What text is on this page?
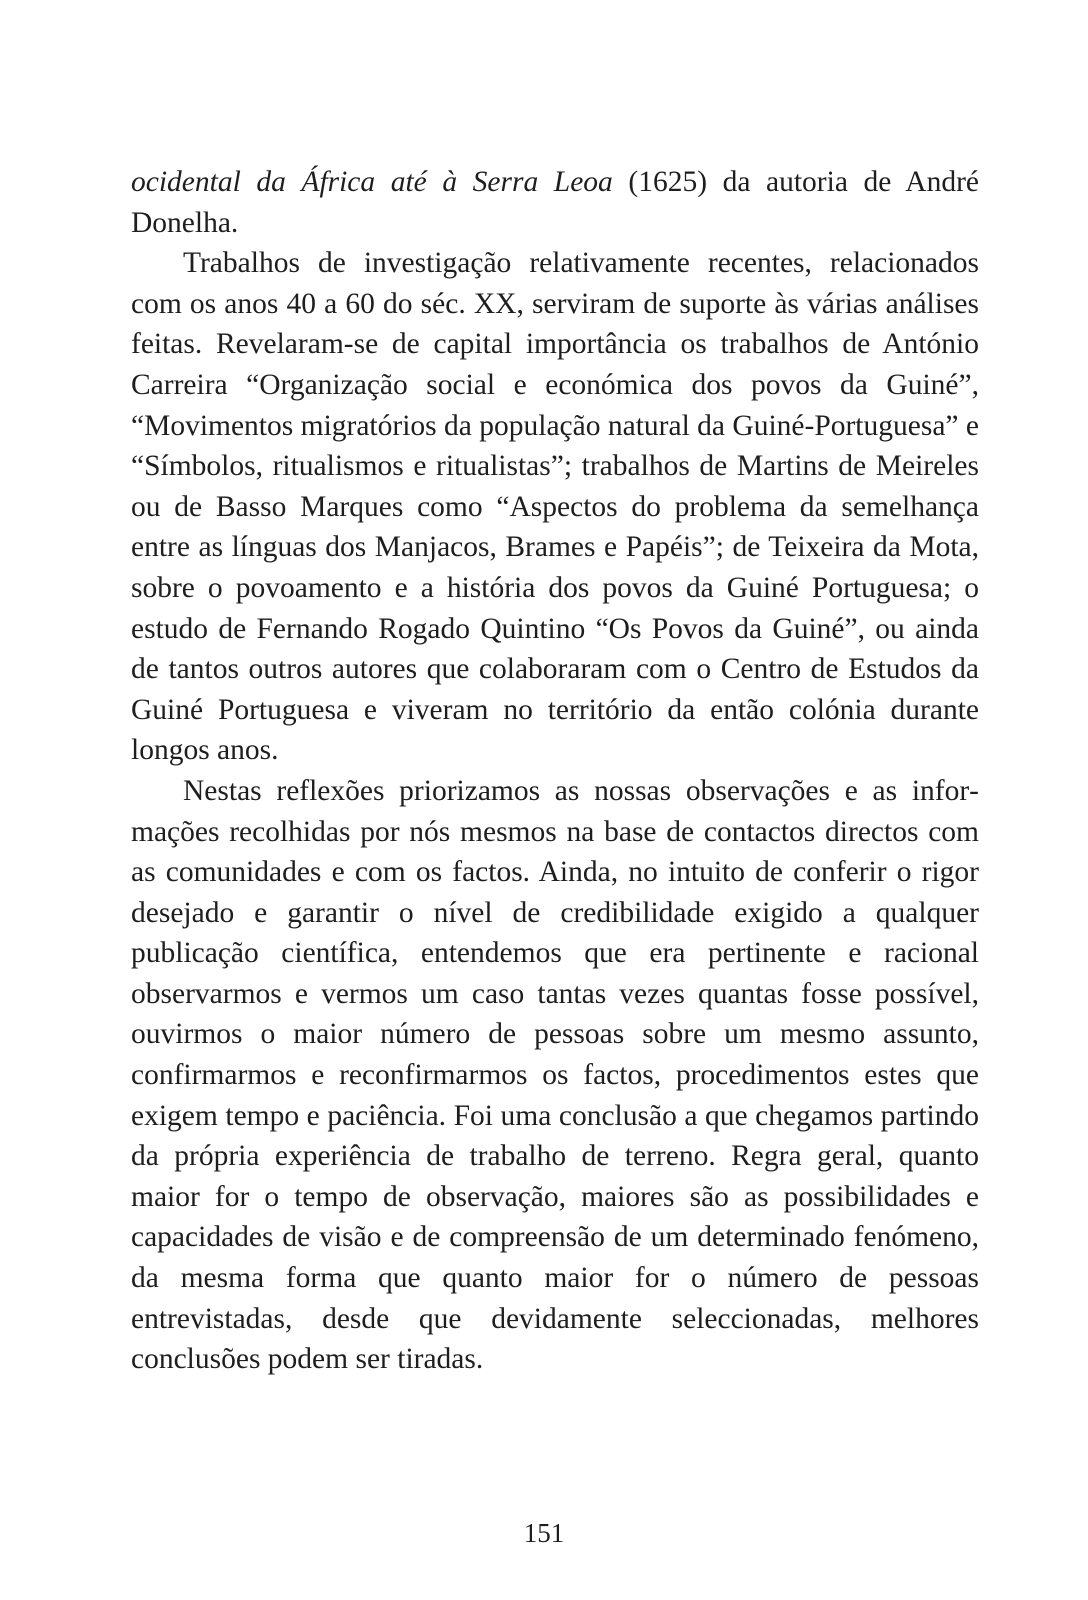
ocidental da África até à Serra Leoa (1625) da autoria de André Donelha.

Trabalhos de investigação relativamente recentes, relacionados com os anos 40 a 60 do séc. XX, serviram de suporte às várias análises feitas. Revelaram-se de capital importância os trabalhos de António Carreira “Organização social e económica dos povos da Guiné”, “Movimentos migratórios da população natural da Guiné-Portuguesa” e “Símbolos, ritualismos e ritualistas”; trabalhos de Martins de Meireles ou de Basso Marques como “Aspectos do problema da semelhança entre as línguas dos Manjacos, Brames e Papéis”; de Teixeira da Mota, sobre o povoamento e a história dos povos da Guiné Portuguesa; o estudo de Fernando Rogado Quintino “Os Povos da Guiné”, ou ainda de tantos outros autores que colaboraram com o Centro de Estudos da Guiné Portuguesa e viveram no território da então colónia durante longos anos.

Nestas reflexões priorizamos as nossas observações e as informações recolhidas por nós mesmos na base de contactos directos com as comunidades e com os factos. Ainda, no intuito de conferir o rigor desejado e garantir o nível de credibilidade exigido a qualquer publicação científica, entendemos que era pertinente e racional observarmos e vermos um caso tantas vezes quantas fosse possível, ouvirmos o maior número de pessoas sobre um mesmo assunto, confirmarmos e reconfirmarmos os factos, procedimentos estes que exigem tempo e paciência. Foi uma conclusão a que chegamos partindo da própria experiência de trabalho de terreno. Regra geral, quanto maior for o tempo de observação, maiores são as possibilidades e capacidades de visão e de compreensão de um determinado fenómeno, da mesma forma que quanto maior for o número de pessoas entrevistadas, desde que devidamente seleccionadas, melhores conclusões podem ser tiradas.

151
